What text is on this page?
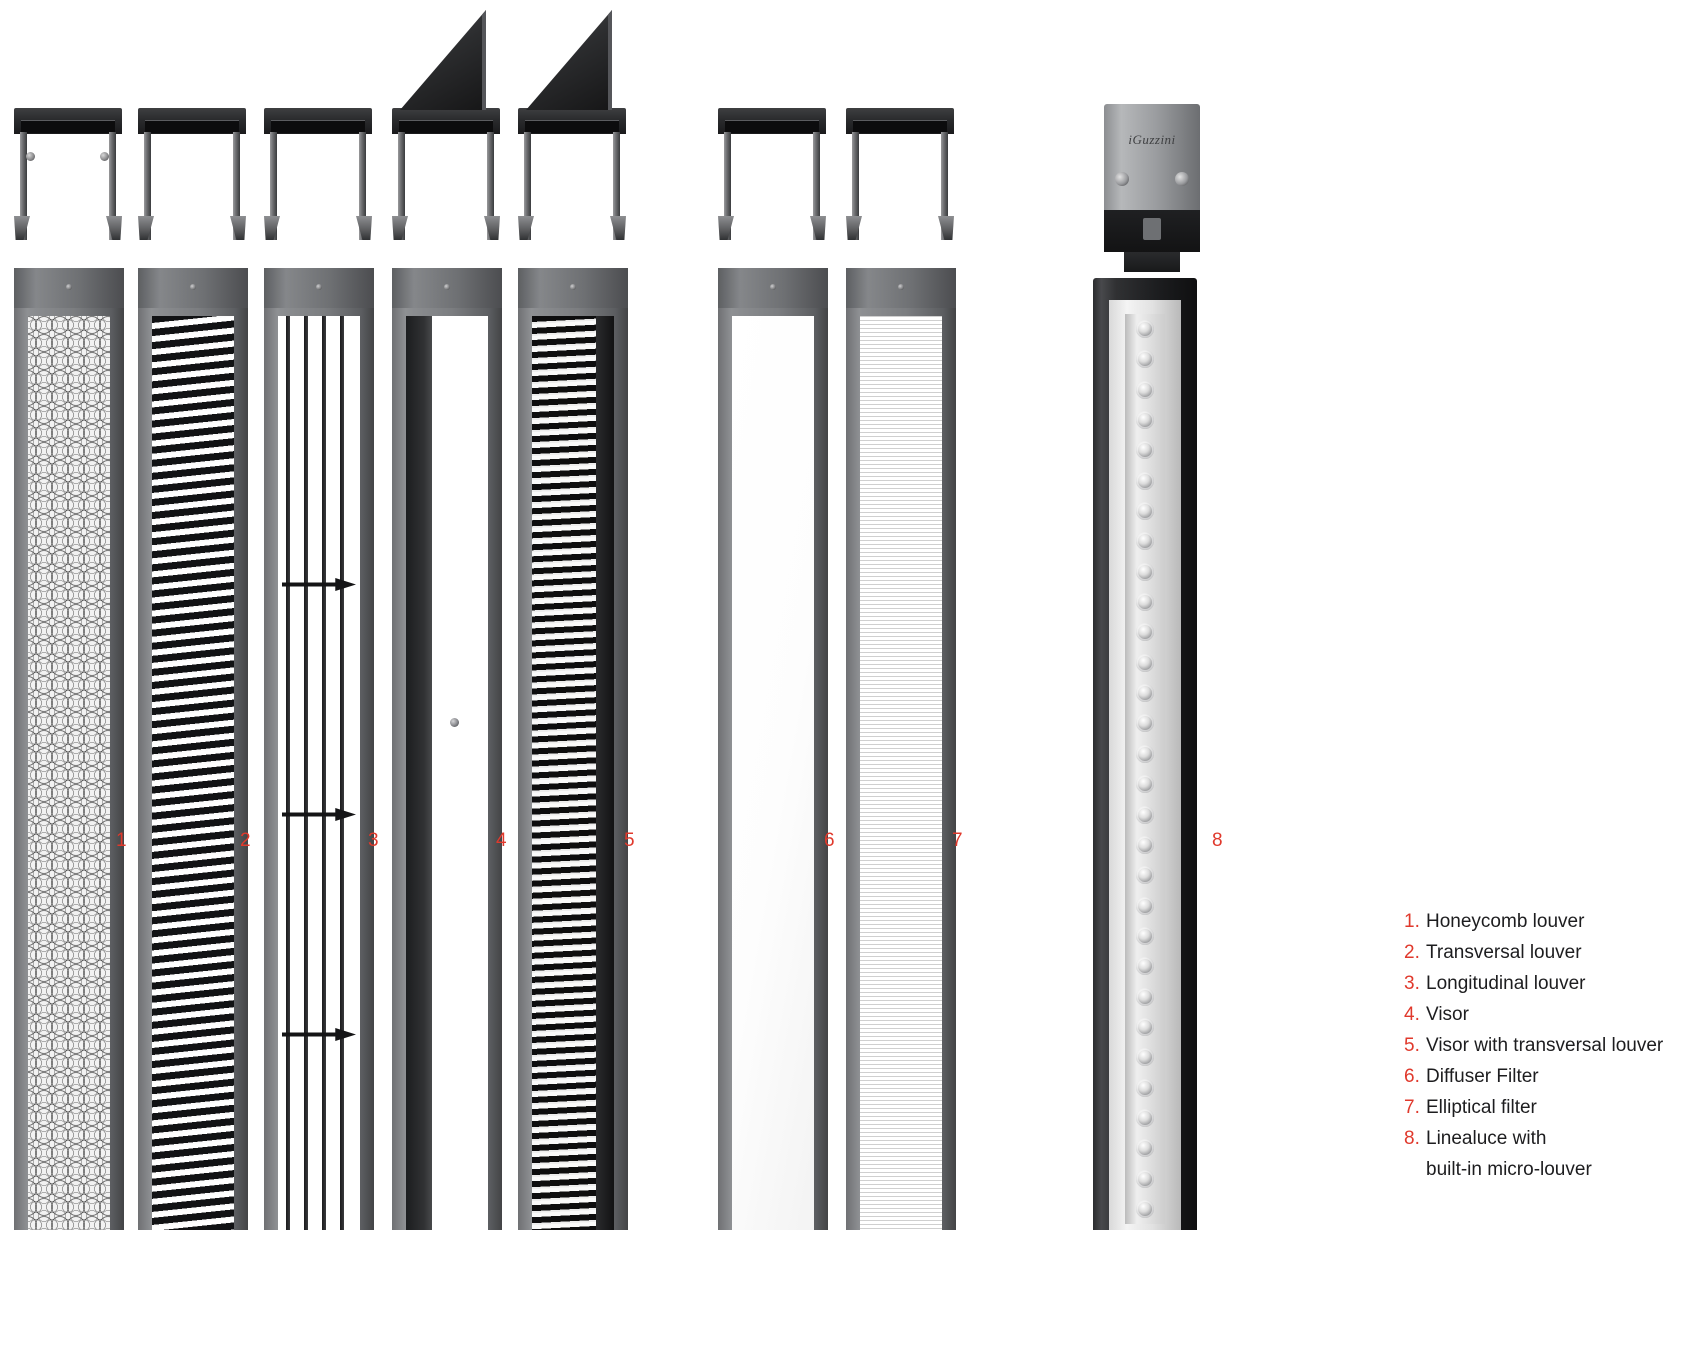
iGuzzini
1	2	3	4	5	6	7	8
1. Honeycomb louver
2. Transversal louver
3. Longitudinal louver
4. Visor
5. Visor with transversal louver
6. Diffuser Filter
7. Elliptical filter
8. Linealuce with
built-in micro-louver
